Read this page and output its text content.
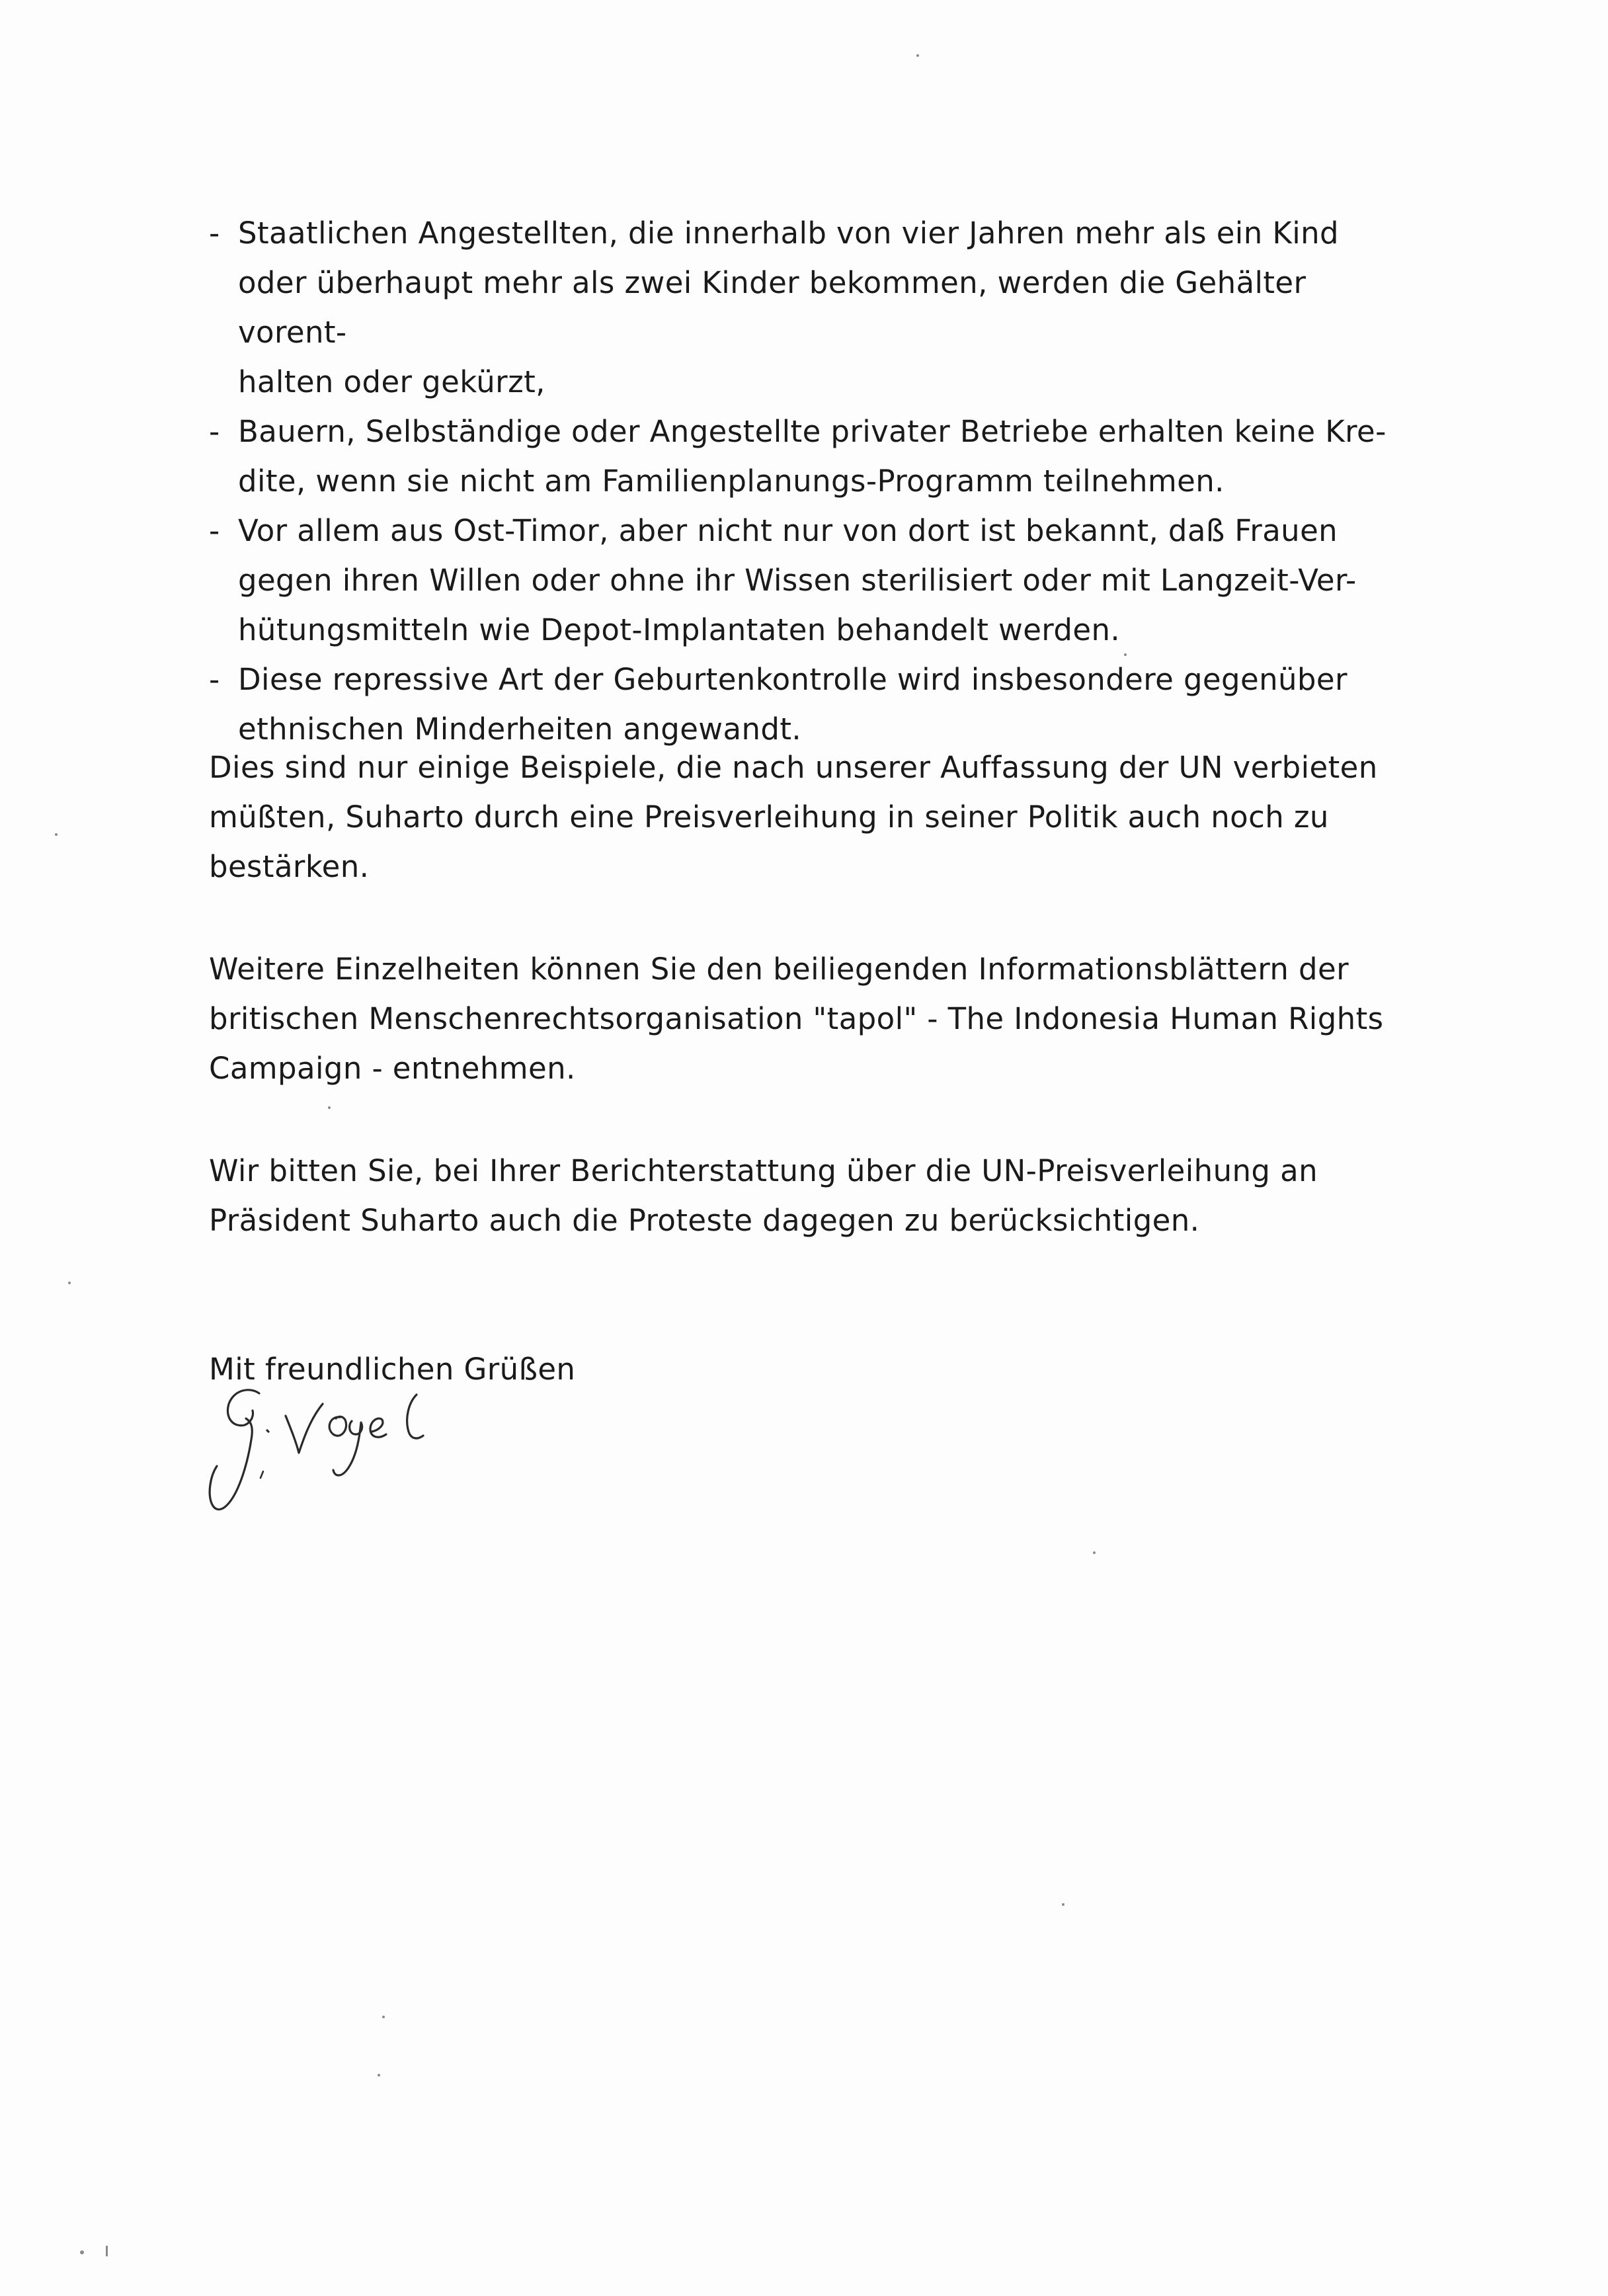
- Staatlichen Angestellten, die innerhalb von vier Jahren mehr als ein Kind
oder überhaupt mehr als zwei Kinder bekommen, werden die Gehälter vorent-
halten oder gekürzt,
- Bauern, Selbständige oder Angestellte privater Betriebe erhalten keine Kre-
dite, wenn sie nicht am Familienplanungs-Programm teilnehmen.
- Vor allem aus Ost-Timor, aber nicht nur von dort ist bekannt, daß Frauen
gegen ihren Willen oder ohne ihr Wissen sterilisiert oder mit Langzeit-Ver-
hütungsmitteln wie Depot-Implantaten behandelt werden.
- Diese repressive Art der Geburtenkontrolle wird insbesondere gegenüber
ethnischen Minderheiten angewandt.
Dies sind nur einige Beispiele, die nach unserer Auffassung der UN verbieten
müßten, Suharto durch eine Preisverleihung in seiner Politik auch noch zu
bestärken.
Weitere Einzelheiten können Sie den beiliegenden Informationsblättern der
britischen Menschenrechtsorganisation "tapol" - The Indonesia Human Rights
Campaign - entnehmen.
Wir bitten Sie, bei Ihrer Berichterstattung über die UN-Preisverleihung an
Präsident Suharto auch die Proteste dagegen zu berücksichtigen.
Mit freundlichen Grüßen
